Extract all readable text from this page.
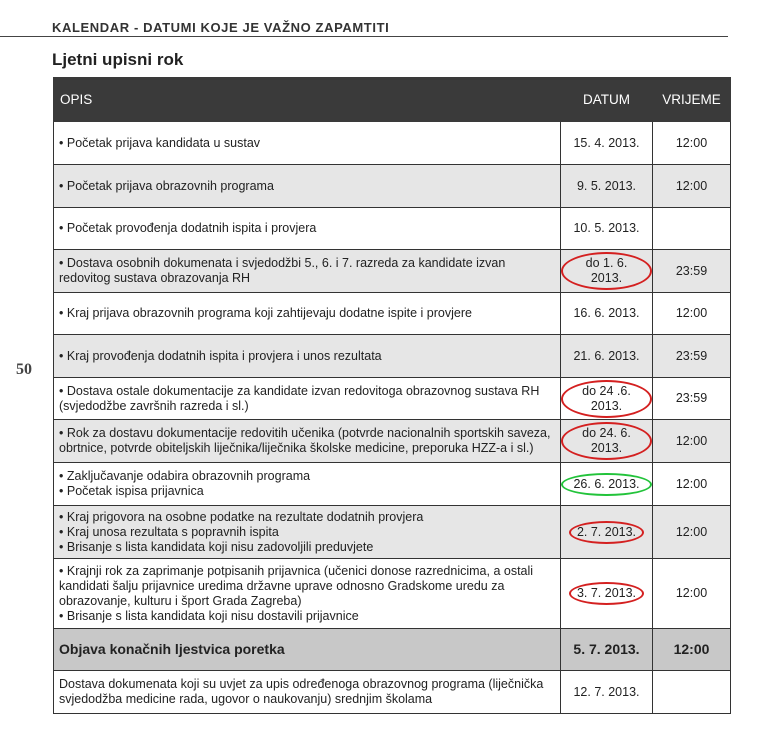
KALENDAR - DATUMI KOJE JE VAŽNO ZAPAMTITI
Ljetni upisni rok
50
OPIS	DATUM	VRIJEME

• Početak prijava kandidata u sustav	15. 4. 2013.	12:00

• Početak prijava obrazovnih programa	9. 5. 2013.	12:00

• Početak provođenja dodatnih ispita i provjera	10. 5. 2013.	

• Dostava osobnih dokumenata i svjedodžbi 5., 6. i 7. razreda za kandidate izvan redovitog sustava obrazovanja RH	do 1. 6. 2013.	23:59

• Kraj prijava obrazovnih programa koji zahtijevaju dodatne ispite i provjere	16. 6. 2013.	12:00

• Kraj provođenja dodatnih ispita i provjera i unos rezultata	21. 6. 2013.	23:59

• Dostava ostale dokumentacije za kandidate izvan redovitoga obrazovnog sustava RH (svjedodžbe završnih razreda i sl.)	do 24 .6. 2013.	23:59

• Rok za dostavu dokumentacije redovitih učenika (potvrde nacionalnih sportskih saveza, obrtnice, potvrde obiteljskih liječnika/liječnika školske medicine, preporuka HZZ-a i sl.)	do 24. 6. 2013.	12:00

• Zaključavanje odabira obrazovnih programa
• Početak ispisa prijavnica	26. 6. 2013.	12:00

• Kraj prigovora na osobne podatke na rezultate dodatnih provjera
• Kraj unosa rezultata s popravnih ispita
• Brisanje s lista kandidata koji nisu zadovoljili preduvjete	2. 7. 2013.	12:00

• Krajnji rok za zaprimanje potpisanih prijavnica (učenici donose razrednicima, a ostali kandidati šalju prijavnice uredima državne uprave odnosno Gradskome uredu za obrazovanje, kulturu i šport Grada Zagreba)
• Brisanje s lista kandidata koji nisu dostavili prijavnice	3. 7. 2013.	12:00

Objava konačnih ljestvica poretka	5. 7. 2013.	12:00

Dostava dokumenata koji su uvjet za upis određenoga obrazovnog programa (liječnička svjedodžba medicine rada, ugovor o naukovanju) srednjim školama	12. 7. 2013.	
